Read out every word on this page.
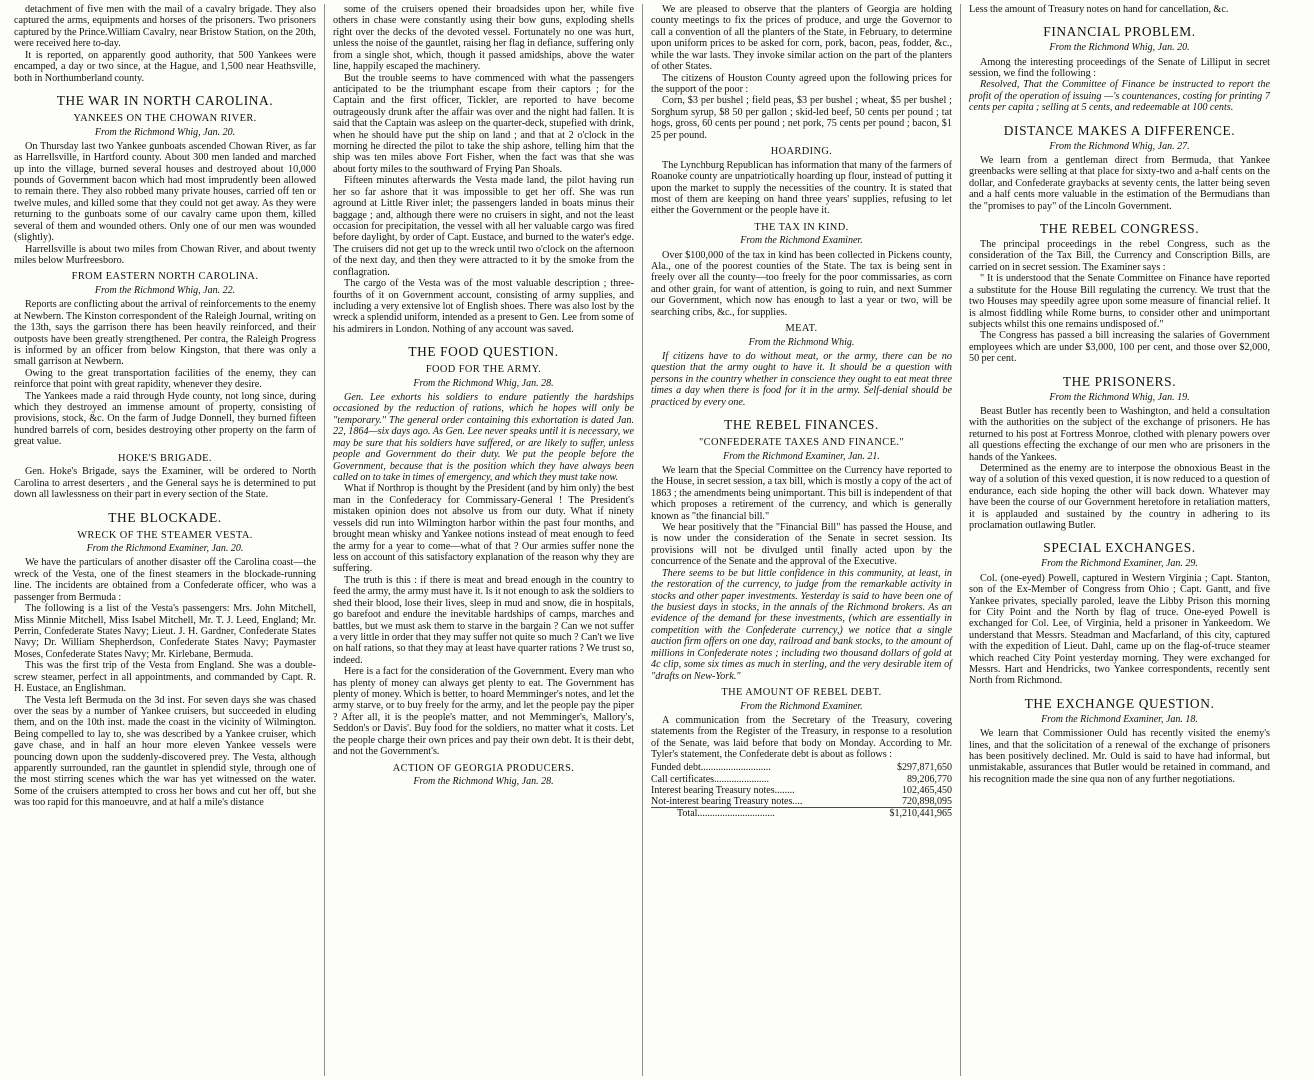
detachment of five men with the mail of a cavalry brigade. They also captured the arms, equipments and horses of the prisoners. Two prisoners captured by the Prince.William Cavalry, near Bristow Station, on the 20th, were received here to-day.

It is reported, on apparently good authority, that 500 Yankees were encamped, a day or two since, at the Hague, and 1,500 near Heathsville, both in Northumberland county.

THE WAR IN NORTH CAROLINA.
YANKEES ON THE CHOWAN RIVER.
From the Richmond Whig, Jan. 20.

On Thursday last two Yankee gunboats ascended Chowan River, as far as Harrellsville, in Hartford county. About 300 men landed and marched up into the village, burned several houses and destroyed about 10,000 pounds of Government bacon which had most imprudently been allowed to remain there. They also robbed many private houses, carried off ten or twelve mules, and killed some that they could not get away. As they were returning to the gunboats some of our cavalry came upon them, killed several of them and wounded others. Only one of our men was wounded (slightly).

Harrellsville is about two miles from Chowan River, and about twenty miles below Murfreesboro.

FROM EASTERN NORTH CAROLINA.
From the Richmond Whig, Jan. 22.

Reports are conflicting about the arrival of reinforcements to the enemy at Newbern. The Kinston correspondent of the Raleigh Journal, writing on the 13th, says the garrison there has been heavily reinforced, and their outposts have been greatly strengthened. Per contra, the Raleigh Progress is informed by an officer from below Kingston, that there was only a small garrison at Newbern.

Owing to the great transportation facilities of the enemy, they can reinforce that point with great rapidity, whenever they desire.

The Yankees made a raid through Hyde county, not long since, during which they destroyed an immense amount of property, consisting of provisions, stock, &c. On the farm of Judge Donnell, they burned fifteen hundred barrels of corn, besides destroying other property on the farm of great value.

HOKE'S BRIGADE.

Gen. Hoke's Brigade, says the Examiner, will be ordered to North Carolina to arrest deserters , and the General says he is determined to put down all lawlessness on their part in every section of the State.

THE BLOCKADE.
WRECK OF THE STEAMER VESTA.
From the Richmond Examiner, Jan. 20.

We have the particulars of another disaster off the Carolina coast—the wreck of the Vesta, one of the finest steamers in the blockade-running line. The incidents are obtained from a Confederate officer, who was a passenger from Bermuda :

The following is a list of the Vesta's passengers: Mrs. John Mitchell, Miss Minnie Mitchell, Miss Isabel Mitchell, Mr. T. J. Leed, England; Mr. Perrin, Confederate States Navy; Lieut. J. H. Gardner, Confederate States Navy; Dr. William Shepherdson, Confederate States Navy; Paymaster Moses, Confederate States Navy; Mr. Kirlebane, Bermuda.

This was the first trip of the Vesta from England. She was a double-screw steamer, perfect in all appointments, and commanded by Capt. R. H. Eustace, an Englishman.

The Vesta left Bermuda on the 3d inst. For seven days she was chased over the seas by a number of Yankee cruisers, but succeeded in eluding them, and on the 10th inst. made the coast in the vicinity of Wilmington. Being compelled to lay to, she was described by a Yankee cruiser, which gave chase, and in half an hour more eleven Yankee vessels were pouncing down upon the suddenly-discovered prey. The Vesta, although apparently surrounded, ran the gauntlet in splendid style, through one of the most stirring scenes which the war has yet witnessed on the water. Some of the cruisers attempted to cross her bows and cut her off, but she was too rapid for this manoeuvre, and at half a mile's distance

some of the cruisers opened their broadsides upon her, while five others in chase were constantly using their bow guns, exploding shells right over the decks of the devoted vessel. Fortunately no one was hurt, unless the noise of the gauntlet, raising her flag in defiance, suffering only from a single shot, which, though it passed amidships, above the water line, happily escaped the machinery.

But the trouble seems to have commenced with what the passengers anticipated to be the triumphant escape from their captors ; for the Captain and the first officer, Tickler, are reported to have become outrageously drunk after the affair was over and the night had fallen. It is said that the Captain was asleep on the quarter-deck, stupefied with drink, when he should have put the ship on land ; and that at 2 o'clock in the morning he directed the pilot to take the ship ashore, telling him that the ship was ten miles above Fort Fisher, when the fact was that she was about forty miles to the southward of Frying Pan Shoals.

Fifteen minutes afterwards the Vesta made land, the pilot having run her so far ashore that it was impossible to get her off. She was run aground at Little River inlet; the passengers landed in boats minus their baggage ; and, although there were no cruisers in sight, and not the least occasion for precipitation, the vessel with all her valuable cargo was fired before daylight, by order of Capt. Eustace, and burned to the water's edge. The cruisers did not get up to the wreck until two o'clock on the afternoon of the next day, and then they were attracted to it by the smoke from the conflagration.

The cargo of the Vesta was of the most valuable description ; three-fourths of it on Government account, consisting of army supplies, and including a very extensive lot of English shoes. There was also lost by the wreck a splendid uniform, intended as a present to Gen. Lee from some of his admirers in London. Nothing of any account was saved.

THE FOOD QUESTION.
FOOD FOR THE ARMY.
From the Richmond Whig, Jan. 28.

Gen. Lee exhorts his soldiers to endure patiently the hardships occasioned by the reduction of rations, which he hopes will only be "temporary." The general order containing this exhortation is dated Jan. 22, 1864—six days ago. As Gen. Lee never speaks until it is necessary, we may be sure that his soldiers have suffered, or are likely to suffer, unless people and Government do their duty. We put the people before the Government, because that is the position which they have always been called on to take in times of emergency, and which they must take now.

What if Northrop is thought by the President (and by him only) the best man in the Confederacy for Commissary-General ! The President's mistaken opinion does not absolve us from our duty. What if ninety vessels did run into Wilmington harbor within the past four months, and brought mean whisky and Yankee notions instead of meat enough to feed the army for a year to come—what of that ? Our armies suffer none the less on account of this satisfactory explanation of the reason why they are suffering.

The truth is this : if there is meat and bread enough in the country to feed the army, the army must have it. Is it not enough to ask the soldiers to shed their blood, lose their lives, sleep in mud and snow, die in hospitals, go barefoot and endure the inevitable hardships of camps, marches and battles, but we must ask them to starve in the bargain ? Can we not suffer a very little in order that they may suffer not quite so much ? Can't we live on half rations, so that they may at least have quarter rations ? We trust so, indeed.

Here is a fact for the consideration of the Government. Every man who has plenty of money can always get plenty to eat. The Government has plenty of money. Which is better, to hoard Memminger's notes, and let the army starve, or to buy freely for the army, and let the people pay the piper ? After all, it is the people's matter, and not Memminger's, Mallory's, Seddon's or Davis'. Buy food for the soldiers, no matter what it costs. Let the people charge their own prices and pay their own debt. It is their debt, and not the Government's.

ACTION OF GEORGIA PRODUCERS.
From the Richmond Whig, Jan. 28.

We are pleased to observe that the planters of Georgia are holding county meetings to fix the prices of produce, and urge the Governor to call a convention of all the planters of the State, in February, to determine upon uniform prices to be asked for corn, pork, bacon, peas, fodder, &c., while the war lasts. They invoke similar action on the part of the planters of other States.

The citizens of Houston County agreed upon the following prices for the support of the poor :

Corn, $3 per bushel ; field peas, $3 per bushel ; wheat, $5 per bushel ; Sorghum syrup, $8 50 per gallon ; skid-led beef, 50 cents per pound ; tat hogs, gross, 60 cents per pound ; net pork, 75 cents per pound ; bacon, $1 25 per pound.

HOARDING.

The Lynchburg Republican has information that many of the farmers of Roanoke county are unpatriotically hoarding up flour, instead of putting it upon the market to supply the necessities of the country. It is stated that most of them are keeping on hand three years' supplies, refusing to let either the Government or the people have it.

THE TAX IN KIND.
From the Richmond Examiner.

Over $100,000 of the tax in kind has been collected in Pickens county, Ala., one of the poorest counties of the State. The tax is being sent in freely over all the county—too freely for the poor commissaries, as corn and other grain, for want of attention, is going to ruin, and next Summer our Government, which now has enough to last a year or two, will be searching cribs, &c., for supplies.

MEAT.
From the Richmond Whig.

If citizens have to do without meat, or the army, there can be no question that the army ought to have it. It should be a question with persons in the country whether in conscience they ought to eat meat three times a day when there is food for it in the army. Self-denial should be practiced by every one.

THE REBEL FINANCES.
"CONFEDERATE TAXES AND FINANCE."
From the Richmond Examiner, Jan. 21.

We learn that the Special Committee on the Currency have reported to the House, in secret session, a tax bill, which is mostly a copy of the act of 1863 ; the amendments being unimportant. This bill is independent of that which proposes a retirement of the currency, and which is generally known as "the financial bill."

We hear positively that the "Financial Bill" has passed the House, and is now under the consideration of the Senate in secret session. Its provisions will not be divulged until finally acted upon by the concurrence of the Senate and the approval of the Executive.

There seems to be but little confidence in this community, at least, in the restoration of the currency, to judge from the remarkable activity in stocks and other paper investments. Yesterday is said to have been one of the busiest days in stocks, in the annals of the Richmond brokers. As an evidence of the demand for these investments, (which are essentially in competition with the Confederate currency,) we notice that a single auction firm offers on one day, railroad and bank stocks, to the amount of millions in Confederate notes ; including two thousand dollars of gold at 4c clip, some six times as much in sterling, and the very desirable item of "drafts on New-York."

THE AMOUNT OF REBEL DEBT.
From the Richmond Examiner.

A communication from the Secretary of the Treasury, covering statements from the Register of the Treasury, in response to a resolution of the Senate, was laid before that body on Monday. According to Mr. Tyler's statement, the Confederate debt is about as follows :

Funded debt............................	$297,871,650
Call certificates......................	89,206,770
Interest bearing Treasury notes........	102,465,450
Not-interest bearing Treasury notes....	720,898,095
Total...............................	$1,210,441,965

Less the amount of Treasury notes on hand for cancellation, &c.

FINANCIAL PROBLEM.
From the Richmond Whig, Jan. 20.

Among the interesting proceedings of the Senate of Lilliput in secret session, we find the following :

Resolved, That the Committee of Finance be instructed to report the profit of the operation of issuing —'s countenances, costing for printing 7 cents per capita ; selling at 5 cents, and redeemable at 100 cents.

DISTANCE MAKES A DIFFERENCE.
From the Richmond Whig, Jan. 27.

We learn from a gentleman direct from Bermuda, that Yankee greenbacks were selling at that place for sixty-two and a-half cents on the dollar, and Confederate graybacks at seventy cents, the latter being seven and a half cents more valuable in the estimation of the Bermudians than the "promises to pay" of the Lincoln Government.

THE REBEL CONGRESS.

The principal proceedings in the rebel Congress, such as the consideration of the Tax Bill, the Currency and Conscription Bills, are carried on in secret session. The Examiner says :

" It is understood that the Senate Committee on Finance have reported a substitute for the House Bill regulating the currency. We trust that the two Houses may speedily agree upon some measure of financial relief. It is almost fiddling while Rome burns, to consider other and unimportant subjects whilst this one remains undisposed of."

The Congress has passed a bill increasing the salaries of Government employees which are under $3,000, 100 per cent, and those over $2,000, 50 per cent.

THE PRISONERS.
From the Richmond Whig, Jan. 19.

Beast Butler has recently been to Washington, and held a consultation with the authorities on the subject of the exchange of prisoners. He has returned to his post at Fortress Monroe, clothed with plenary powers over all questions effecting the exchange of our men who are prisoners in the hands of the Yankees.

Determined as the enemy are to interpose the obnoxious Beast in the way of a solution of this vexed question, it is now reduced to a question of endurance, each side hoping the other will back down. Whatever may have been the course of our Government heretofore in retaliation matters, it is applauded and sustained by the country in adhering to its proclamation outlawing Butler.

SPECIAL EXCHANGES.
From the Richmond Examiner, Jan. 29.

Col. (one-eyed) Powell, captured in Western Virginia ; Capt. Stanton, son of the Ex-Member of Congress from Ohio ; Capt. Gantt, and five Yankee privates, specially paroled, leave the Libby Prison this morning for City Point and the North by flag of truce. One-eyed Powell is exchanged for Col. Lee, of Virginia, held a prisoner in Yankeedom. We understand that Messrs. Steadman and Macfarland, of this city, captured with the expedition of Lieut. Dahl, came up on the flag-of-truce steamer which reached City Point yesterday morning. They were exchanged for Messrs. Hart and Hendricks, two Yankee correspondents, recently sent North from Richmond.

THE EXCHANGE QUESTION.
From the Richmond Examiner, Jan. 18.

We learn that Commissioner Ould has recently visited the enemy's lines, and that the solicitation of a renewal of the exchange of prisoners has been positively declined. Mr. Ould is said to have had informal, but unmistakable, assurances that Butler would be retained in command, and his recognition made the sine qua non of any further negotiations.
